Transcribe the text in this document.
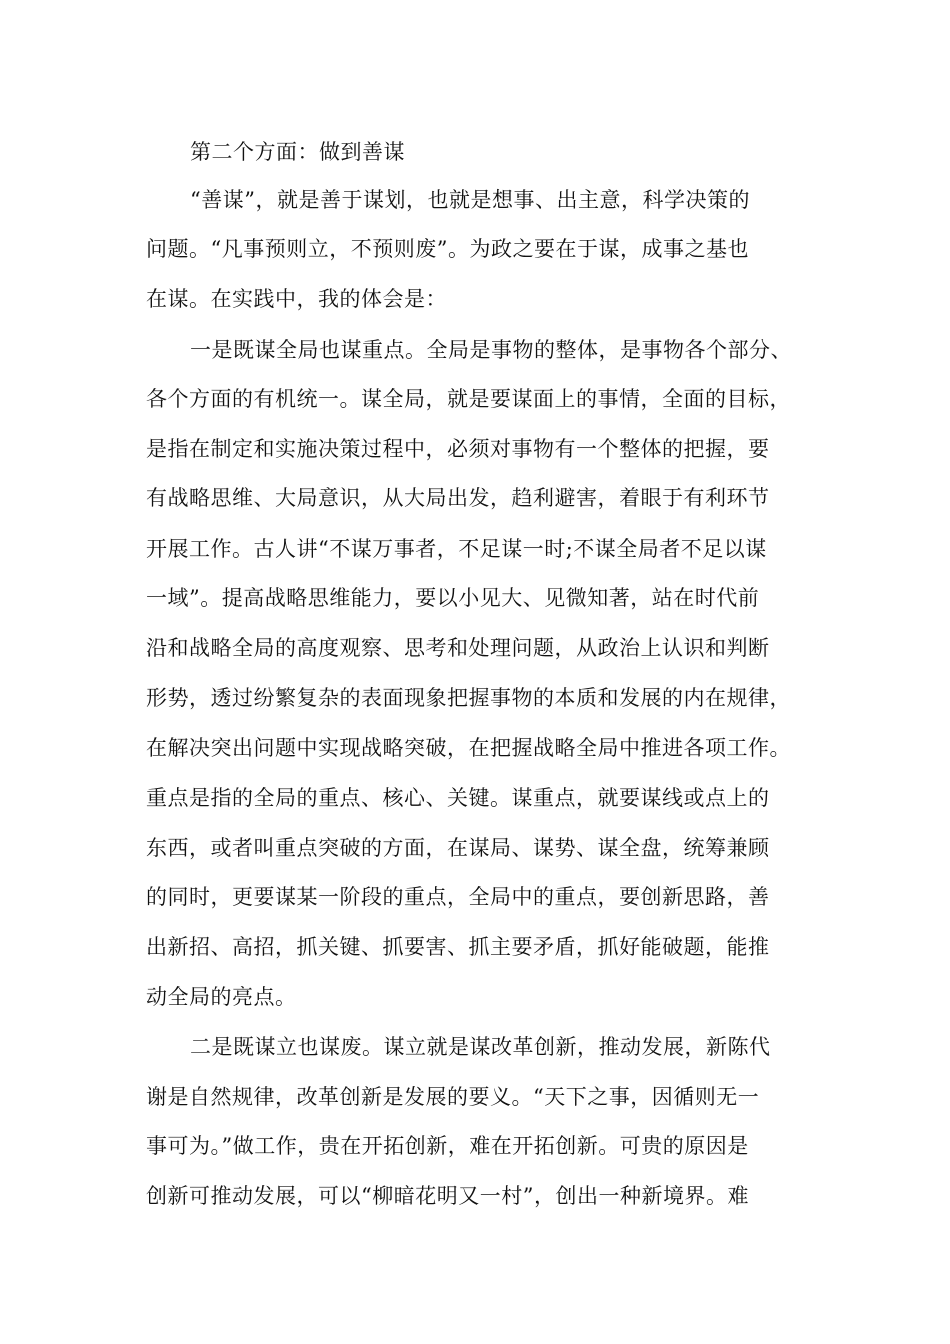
第二个方面：做到善谋
“善谋”，就是善于谋划，也就是想事、出主意，科学决策的
问题。“凡事预则立，不预则废”。为政之要在于谋，成事之基也
在谋。在实践中，我的体会是：
一是既谋全局也谋重点。全局是事物的整体，是事物各个部分、
各个方面的有机统一。谋全局，就是要谋面上的事情，全面的目标，
是指在制定和实施决策过程中，必须对事物有一个整体的把握，要
有战略思维、大局意识，从大局出发，趋利避害，着眼于有利环节
开展工作。古人讲“不谋万事者，不足谋一时;不谋全局者不足以谋
一域”。提高战略思维能力，要以小见大、见微知著，站在时代前
沿和战略全局的高度观察、思考和处理问题，从政治上认识和判断
形势，透过纷繁复杂的表面现象把握事物的本质和发展的内在规律，
在解决突出问题中实现战略突破，在把握战略全局中推进各项工作。
重点是指的全局的重点、核心、关键。谋重点，就要谋线或点上的
东西，或者叫重点突破的方面，在谋局、谋势、谋全盘，统筹兼顾
的同时，更要谋某一阶段的重点，全局中的重点，要创新思路，善
出新招、高招，抓关键、抓要害、抓主要矛盾，抓好能破题，能推
动全局的亮点。
二是既谋立也谋废。谋立就是谋改革创新，推动发展，新陈代
谢是自然规律，改革创新是发展的要义。“天下之事，因循则无一
事可为。”做工作，贵在开拓创新，难在开拓创新。可贵的原因是
创新可推动发展，可以“柳暗花明又一村”，创出一种新境界。难
